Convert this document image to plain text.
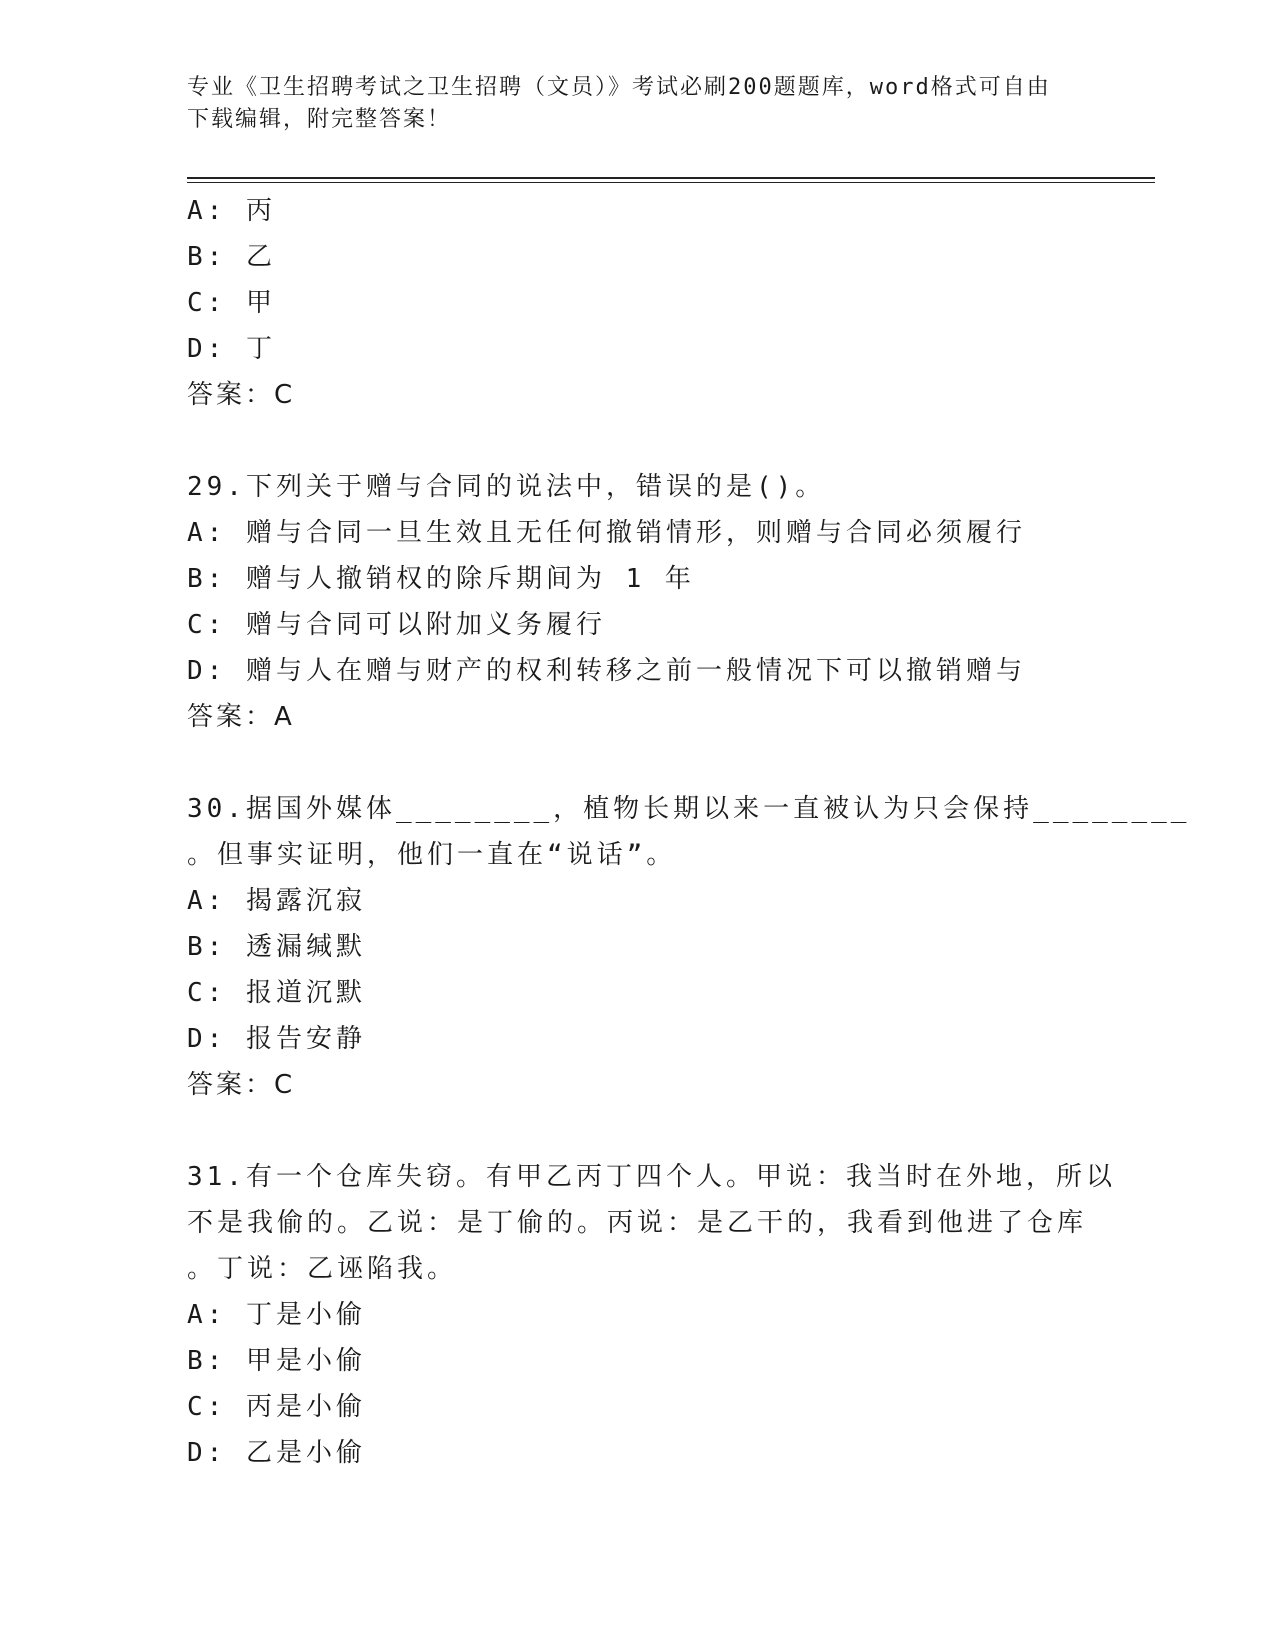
专业《卫生招聘考试之卫生招聘（文员）》考试必刷200题题库，word格式可自由下载编辑，附完整答案！
A: 丙
B: 乙
C: 甲
D: 丁
答案：C
29.下列关于赠与合同的说法中，错误的是()。
A: 赠与合同一旦生效且无任何撤销情形，则赠与合同必须履行
B: 赠与人撤销权的除斥期间为 1 年
C: 赠与合同可以附加义务履行
D: 赠与人在赠与财产的权利转移之前一般情况下可以撤销赠与
答案：A
30.据国外媒体________，植物长期以来一直被认为只会保持________
。但事实证明，他们一直在“说话”。
A: 揭露沉寂
B: 透漏缄默
C: 报道沉默
D: 报告安静
答案：C
31.有一个仓库失窃。有甲乙丙丁四个人。甲说：我当时在外地，所以
不是我偷的。乙说：是丁偷的。丙说：是乙干的，我看到他进了仓库
。丁说：乙诬陷我。
A: 丁是小偷
B: 甲是小偷
C: 丙是小偷
D: 乙是小偷
